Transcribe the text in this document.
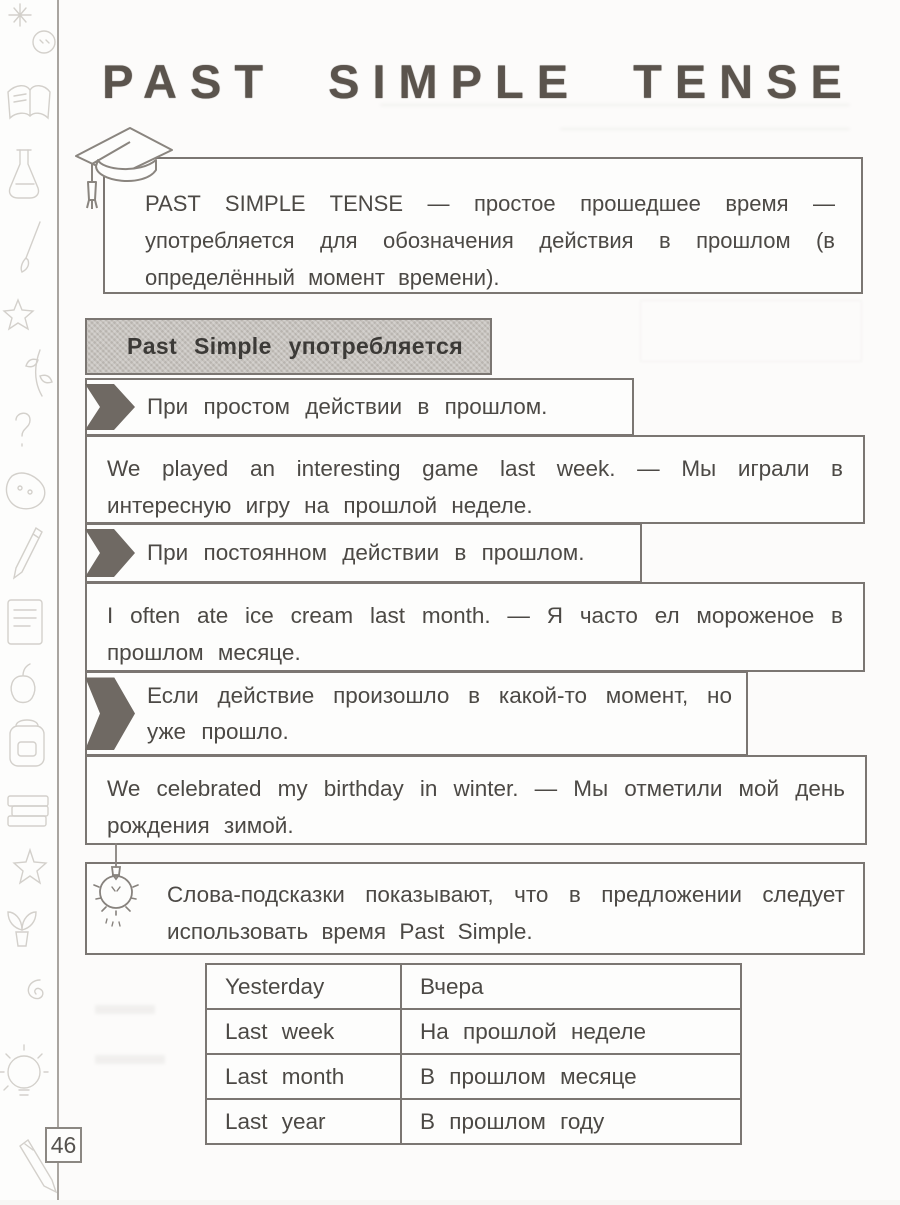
PAST SIMPLE TENSE
PAST SIMPLE TENSE — простое прошедшее время — употребляется для обозначения действия в прошлом (в определённый момент времени).
Past Simple употребляется
При простом действии в прошлом.
We played an interesting game last week. — Мы играли в интересную игру на прошлой неделе.
При постоянном действии в прошлом.
I often ate ice cream last month. — Я часто ел мороженое в прошлом месяце.
Если действие произошло в какой-то момент, но уже прошло.
We celebrated my birthday in winter. — Мы отметили мой день рождения зимой.
Слова-подсказки показывают, что в предложении следует использовать время Past Simple.
Yesterday	Вчера
Last week	На прошлой неделе
Last month	В прошлом месяце
Last year	В прошлом году
46
